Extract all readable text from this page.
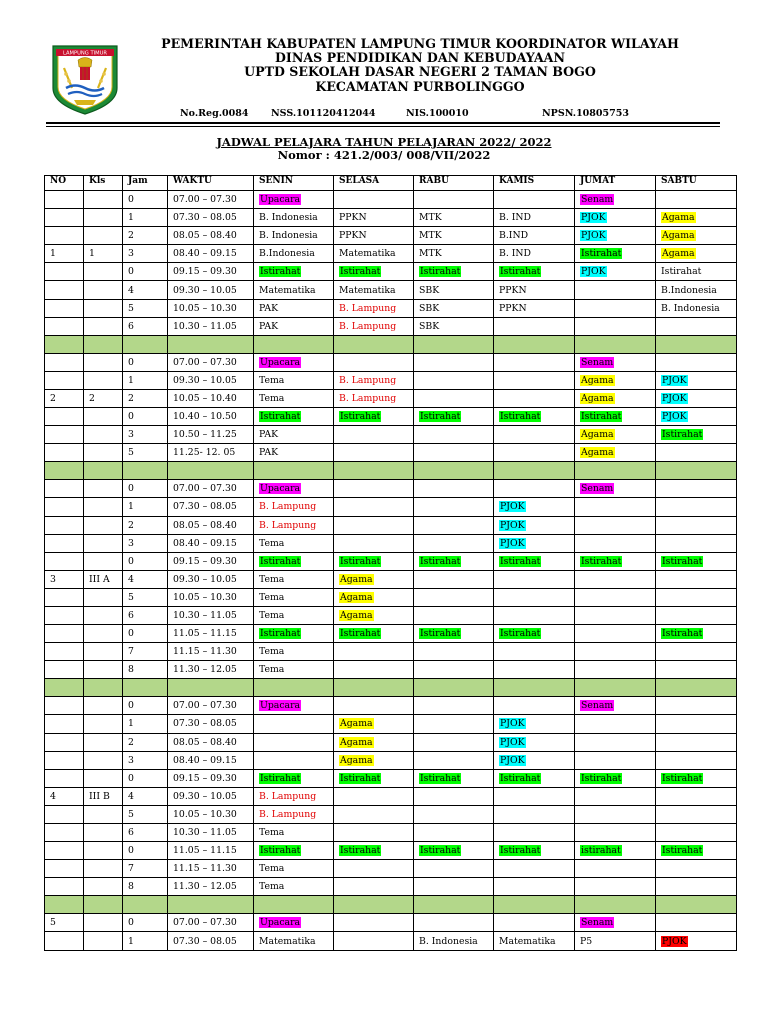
LAMPUNG TIMUR
PEMERINTAH KABUPATEN LAMPUNG TIMUR KOORDINATOR WILAYAH
DINAS PENDIDIKAN DAN KEBUDAYAAN
UPTD SEKOLAH DASAR NEGERI 2 TAMAN BOGO
KECAMATAN PURBOLINGGO
No.Reg.0084 NSS.101120412044	NIS.100010	NPSN.10805753
JADWAL PELAJARA TAHUN PELAJARAN 2022/ 2022
Nomor : 421.2/003/ 008/VII/2022
NO	Kls	Jam	WAKTU	SENIN	SELASA	RABU	KAMIS	JUMAT	SABTU
		0	07.00 – 07.30	Upacara				Senam	
		1	07.30 – 08.05	B. Indonesia	PPKN	MTK	B. IND	PJOK	Agama
		2	08.05 – 08.40	B. Indonesia	PPKN	MTK	B.IND	PJOK	Agama
1	1	3	08.40 – 09.15	B.Indonesia	Matematika	MTK	B. IND	Istirahat	Agama
		0	09.15 – 09.30	Istirahat	Istirahat	Istirahat	Istirahat	PJOK	Istirahat
		4	09.30 – 10.05	Matematika	Matematika	SBK	PPKN		B.Indonesia
		5	10.05 – 10.30	PAK	B. Lampung	SBK	PPKN		B. Indonesia
		6	10.30 – 11.05	PAK	B. Lampung	SBK			

		0	07.00 – 07.30	Upacara				Senam	
		1	09.30 – 10.05	Tema	B. Lampung			Agama	PJOK
2	2	2	10.05 – 10.40	Tema	B. Lampung			Agama	PJOK
		0	10.40 – 10.50	Istirahat	Istirahat	Istirahat	Istirahat	Istirahat	PJOK
		3	10.50 – 11.25	PAK				Agama	Istirahat
		5	11.25- 12. 05	PAK				Agama	

		0	07.00 – 07.30	Upacara				Senam	
		1	07.30 – 08.05	B. Lampung			PJOK		
		2	08.05 – 08.40	B. Lampung			PJOK		
		3	08.40 – 09.15	Tema			PJOK		
		0	09.15 – 09.30	Istirahat	Istirahat	Istirahat	Istirahat	Istirahat	Istirahat
3	III A	4	09.30 – 10.05	Tema	Agama				
		5	10.05 – 10.30	Tema	Agama				
		6	10.30 – 11.05	Tema	Agama				
		0	11.05 – 11.15	Istirahat	Istirahat	Istirahat	Istirahat		Istirahat
		7	11.15 – 11.30	Tema					
		8	11.30 – 12.05	Tema					

		0	07.00 – 07.30	Upacara				Senam	
		1	07.30 – 08.05		Agama		PJOK		
		2	08.05 – 08.40		Agama		PJOK		
		3	08.40 – 09.15		Agama		PJOK		
		0	09.15 – 09.30	Istirahat	Istirahat	Istirahat	Istirahat	Istirahat	Istirahat
4	III B	4	09.30 – 10.05	B. Lampung					
		5	10.05 – 10.30	B. Lampung					
		6	10.30 – 11.05	Tema					
		0	11.05 – 11.15	Istirahat	Istirahat	Istirahat	Istirahat	istirahat	Istirahat
		7	11.15 – 11.30	Tema					
		8	11.30 – 12.05	Tema					

5		0	07.00 – 07.30	Upacara				Senam	
		1	07.30 – 08.05	Matematika		B. Indonesia	Matematika	P5	PJOK
